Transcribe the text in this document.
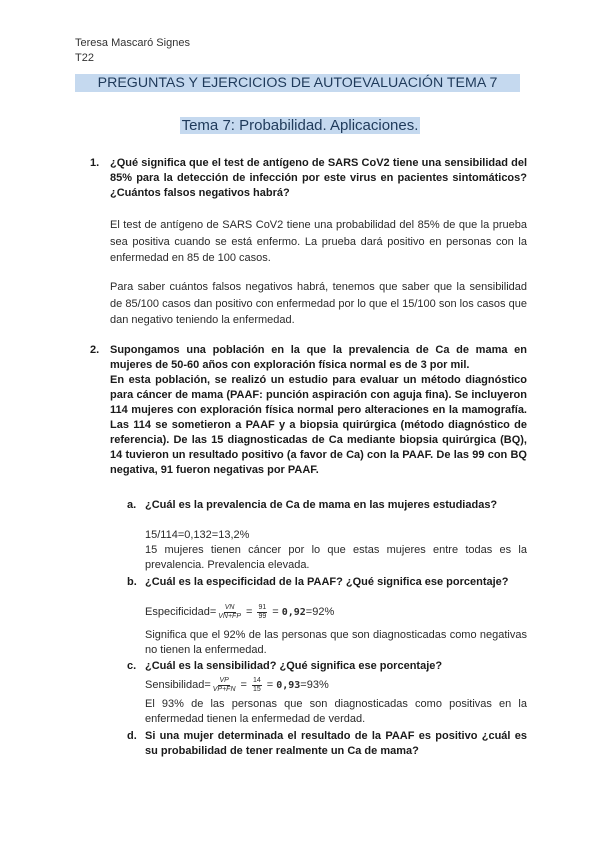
Teresa Mascaró Signes
T22
PREGUNTAS Y EJERCICIOS DE AUTOEVALUACIÓN TEMA 7
Tema 7: Probabilidad. Aplicaciones.
1. ¿Qué significa que el test de antígeno de SARS CoV2 tiene una sensibilidad del 85% para la detección de infección por este virus en pacientes sintomáticos? ¿Cuántos falsos negativos habrá?
El test de antígeno de SARS CoV2 tiene una probabilidad del 85% de que la prueba sea positiva cuando se está enfermo. La prueba dará positivo en personas con la enfermedad en 85 de 100 casos.
Para saber cuántos falsos negativos habrá, tenemos que saber que la sensibilidad de 85/100 casos dan positivo con enfermedad por lo que el 15/100 son los casos que dan negativo teniendo la enfermedad.
2. Supongamos una población en la que la prevalencia de Ca de mama en mujeres de 50-60 años con exploración física normal es de 3 por mil.
En esta población, se realizó un estudio para evaluar un método diagnóstico para cáncer de mama (PAAF: punción aspiración con aguja fina). Se incluyeron 114 mujeres con exploración física normal pero alteraciones en la mamografía. Las 114 se sometieron a PAAF y a biopsia quirúrgica (método diagnóstico de referencia). De las 15 diagnosticadas de Ca mediante biopsia quirúrgica (BQ), 14 tuvieron un resultado positivo (a favor de Ca) con la PAAF. De las 99 con BQ negativa, 91 fueron negativas por PAAF.
a. ¿Cuál es la prevalencia de Ca de mama en las mujeres estudiadas?
15/114=0,132=13,2%
15 mujeres tienen cáncer por lo que estas mujeres entre todas es la prevalencia. Prevalencia elevada.
b. ¿Cuál es la especificidad de la PAAF? ¿Qué significa ese porcentaje?
Especificidad= $\frac{VN}{VN+FP} = \frac{91}{99} = 0,92 =92\%$
Significa que el 92% de las personas que son diagnosticadas como negativas no tienen la enfermedad.
c. ¿Cuál es la sensibilidad? ¿Qué significa ese porcentaje?
Sensibilidad= $\frac{VP}{VP+FN} = \frac{14}{15} = 0,93 =93\%$
El 93% de las personas que son diagnosticadas como positivas en la enfermedad tienen la enfermedad de verdad.
d. Si una mujer determinada el resultado de la PAAF es positivo ¿cuál es su probabilidad de tener realmente un Ca de mama?
